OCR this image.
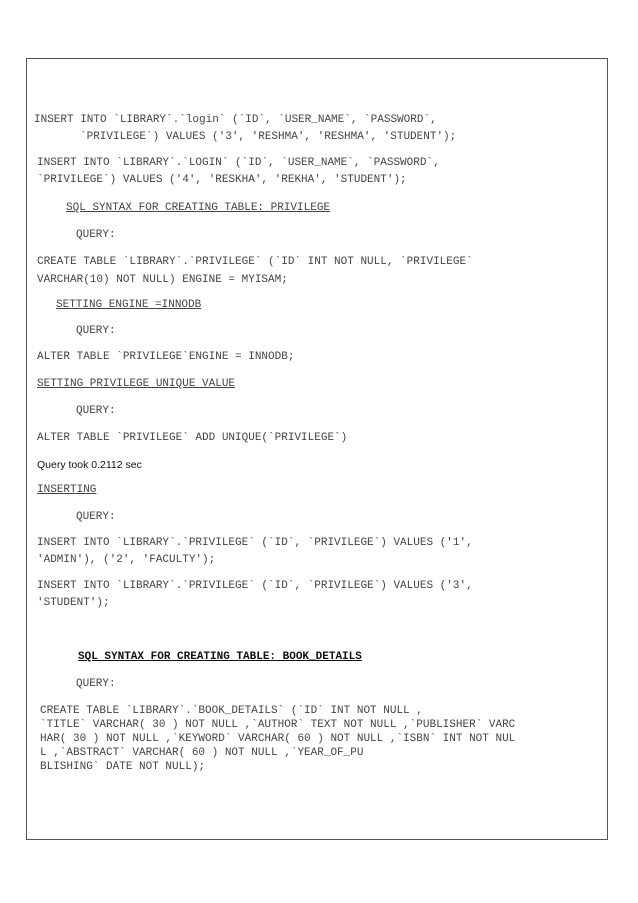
INSERT INTO `LIBRARY`.`login` (`ID`, `USER_NAME`, `PASSWORD`,
`PRIVILEGE`) VALUES ('3', 'RESHMA', 'RESHMA', 'STUDENT');
INSERT INTO `LIBRARY`.`LOGIN` (`ID`, `USER_NAME`, `PASSWORD`,
`PRIVILEGE`) VALUES ('4', 'RESKHA', 'REKHA', 'STUDENT');
SQL SYNTAX FOR CREATING TABLE: PRIVILEGE
QUERY:
CREATE TABLE `LIBRARY`.`PRIVILEGE` (`ID` INT NOT NULL, `PRIVILEGE`
VARCHAR(10) NOT NULL) ENGINE = MYISAM;
SETTING ENGINE =INNODB
QUERY:
ALTER TABLE `PRIVILEGE`ENGINE = INNODB;
SETTING PRIVILEGE UNIQUE VALUE
QUERY:
ALTER TABLE `PRIVILEGE` ADD UNIQUE(`PRIVILEGE`)
Query took 0.2112 sec
INSERTING
QUERY:
INSERT INTO `LIBRARY`.`PRIVILEGE` (`ID`, `PRIVILEGE`) VALUES ('1',
'ADMIN'), ('2', 'FACULTY');
INSERT INTO `LIBRARY`.`PRIVILEGE` (`ID`, `PRIVILEGE`) VALUES ('3',
'STUDENT');
SQL SYNTAX FOR CREATING TABLE: BOOK_DETAILS
QUERY:
CREATE TABLE `LIBRARY`.`BOOK_DETAILS` (`ID` INT NOT NULL ,
`TITLE` VARCHAR( 30 ) NOT NULL ,`AUTHOR` TEXT NOT NULL ,`PUBLISHER` VARC
HAR( 30 ) NOT NULL ,`KEYWORD` VARCHAR( 60 ) NOT NULL ,`ISBN` INT NOT NUL
L ,`ABSTRACT` VARCHAR( 60 ) NOT NULL ,`YEAR_OF_PU
BLISHING` DATE NOT NULL);
